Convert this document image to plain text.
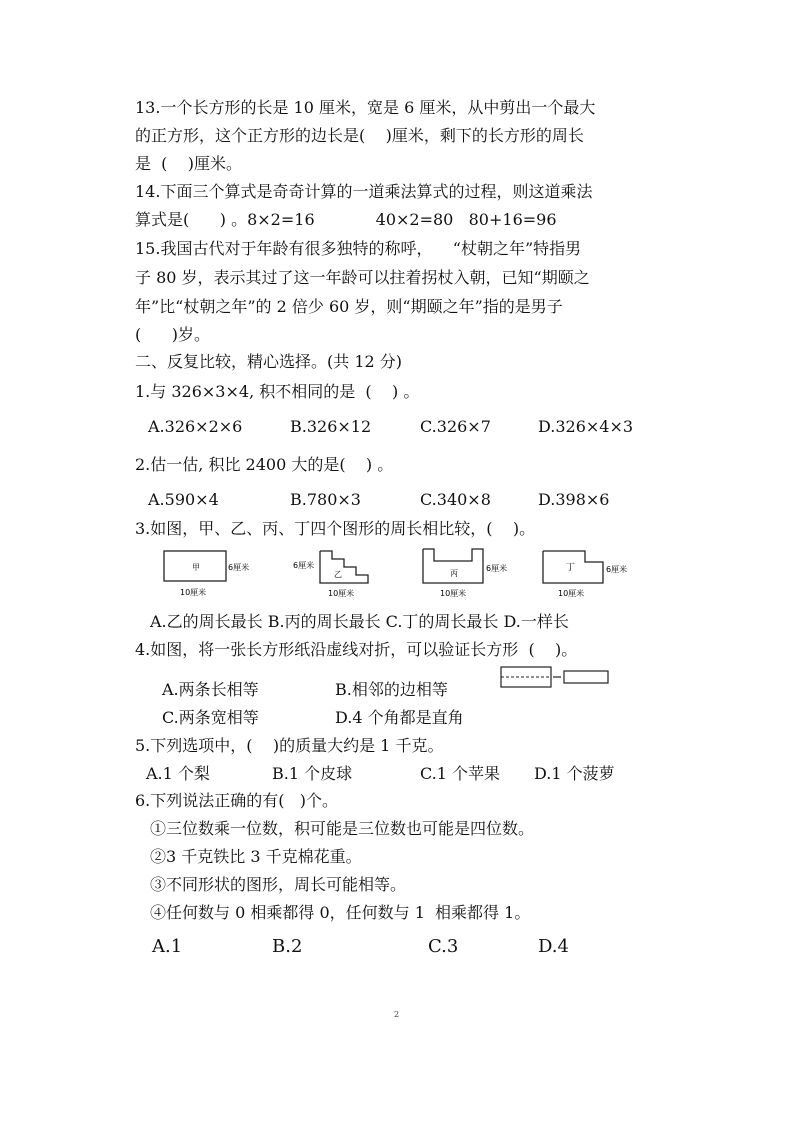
13.一个长方形的长是 10 厘米，宽是 6 厘米，从中剪出一个最大
的正方形，这个正方形的边长是(    )厘米，剩下的长方形的周长
是  (    )厘米。
14.下面三个算式是奇奇计算的一道乘法算式的过程，则这道乘法
算式是(      ) 。8×2=16            40×2=80   80+16=96
15.我国古代对于年龄有很多独特的称呼，    “杖朝之年”特指男
子 80 岁，表示其过了这一年龄可以拄着拐杖入朝，已知“期颐之
年”比“杖朝之年”的 2 倍少 60 岁，则“期颐之年”指的是男子
(      )岁。
二、反复比较，精心选择。(共 12 分)
1.与 326×3×4, 积不相同的是  (    ) 。
A.326×2×6	B.326×12	C.326×7	D.326×4×3
2.估一估, 积比 2400 大的是(    ) 。
A.590×4	B.780×3	C.340×8	D.398×6
3.如图，甲、乙、丙、丁四个图形的周长相比较，(    )。
甲	6厘米
10厘米
6厘米
乙
10厘米
丙
6厘米
10厘米
丁	6厘米
10厘米
A.乙的周长最长 B.丙的周长最长 C.丁的周长最长 D.一样长
4.如图，将一张长方形纸沿虚线对折，可以验证长方形  (    )。
A.两条长相等	B.相邻的边相等
C.两条宽相等	D.4 个角都是直角
5.下列选项中，(    )的质量大约是 1 千克。
A.1 个梨	B.1 个皮球	C.1 个苹果 D.1 个菠萝
6.下列说法正确的有(   )个。
①三位数乘一位数，积可能是三位数也可能是四位数。
②3 千克铁比 3 千克棉花重。
③不同形状的图形，周长可能相等。
④任何数与 0 相乘都得 0，任何数与 1  相乘都得 1。
A.1	B.2	C.3	D.4
2
